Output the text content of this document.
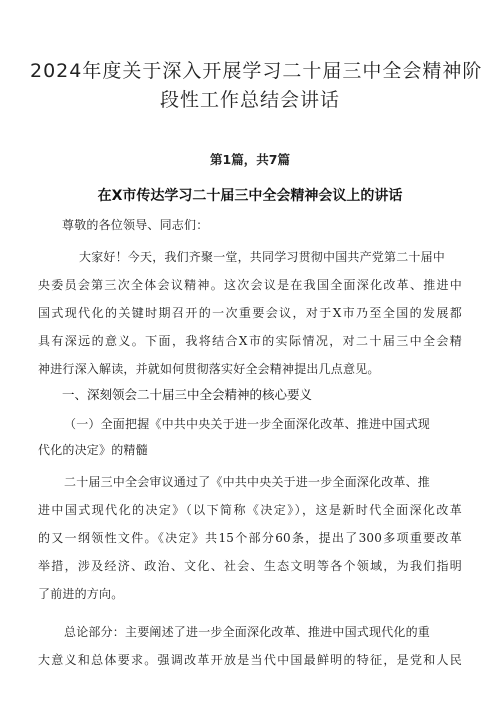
2024年度关于深入开展学习二十届三中全会精神阶
段性工作总结会讲话
第1篇，共7篇
在X市传达学习二十届三中全会精神会议上的讲话
尊敬的各位领导、同志们：
大家好！今天，我们齐聚一堂，共同学习贯彻中国共产党第二十届中
央委员会第三次全体会议精神。这次会议是在我国全面深化改革、推进中
国式现代化的关键时期召开的一次重要会议，对于X市乃至全国的发展都
具有深远的意义。下面，我将结合X市的实际情况，对二十届三中全会精
神进行深入解读，并就如何贯彻落实好全会精神提出几点意见。
一、深刻领会二十届三中全会精神的核心要义
（一）全面把握《中共中央关于进一步全面深化改革、推进中国式现
代化的决定》的精髓
二十届三中全会审议通过了《中共中央关于进一步全面深化改革、推
进中国式现代化的决定》（以下简称《决定》），这是新时代全面深化改革
的又一纲领性文件。《决定》共15个部分60条，提出了300多项重要改革
举措，涉及经济、政治、文化、社会、生态文明等各个领域，为我们指明
了前进的方向。
总论部分：主要阐述了进一步全面深化改革、推进中国式现代化的重
大意义和总体要求。强调改革开放是当代中国最鲜明的特征，是党和人民
